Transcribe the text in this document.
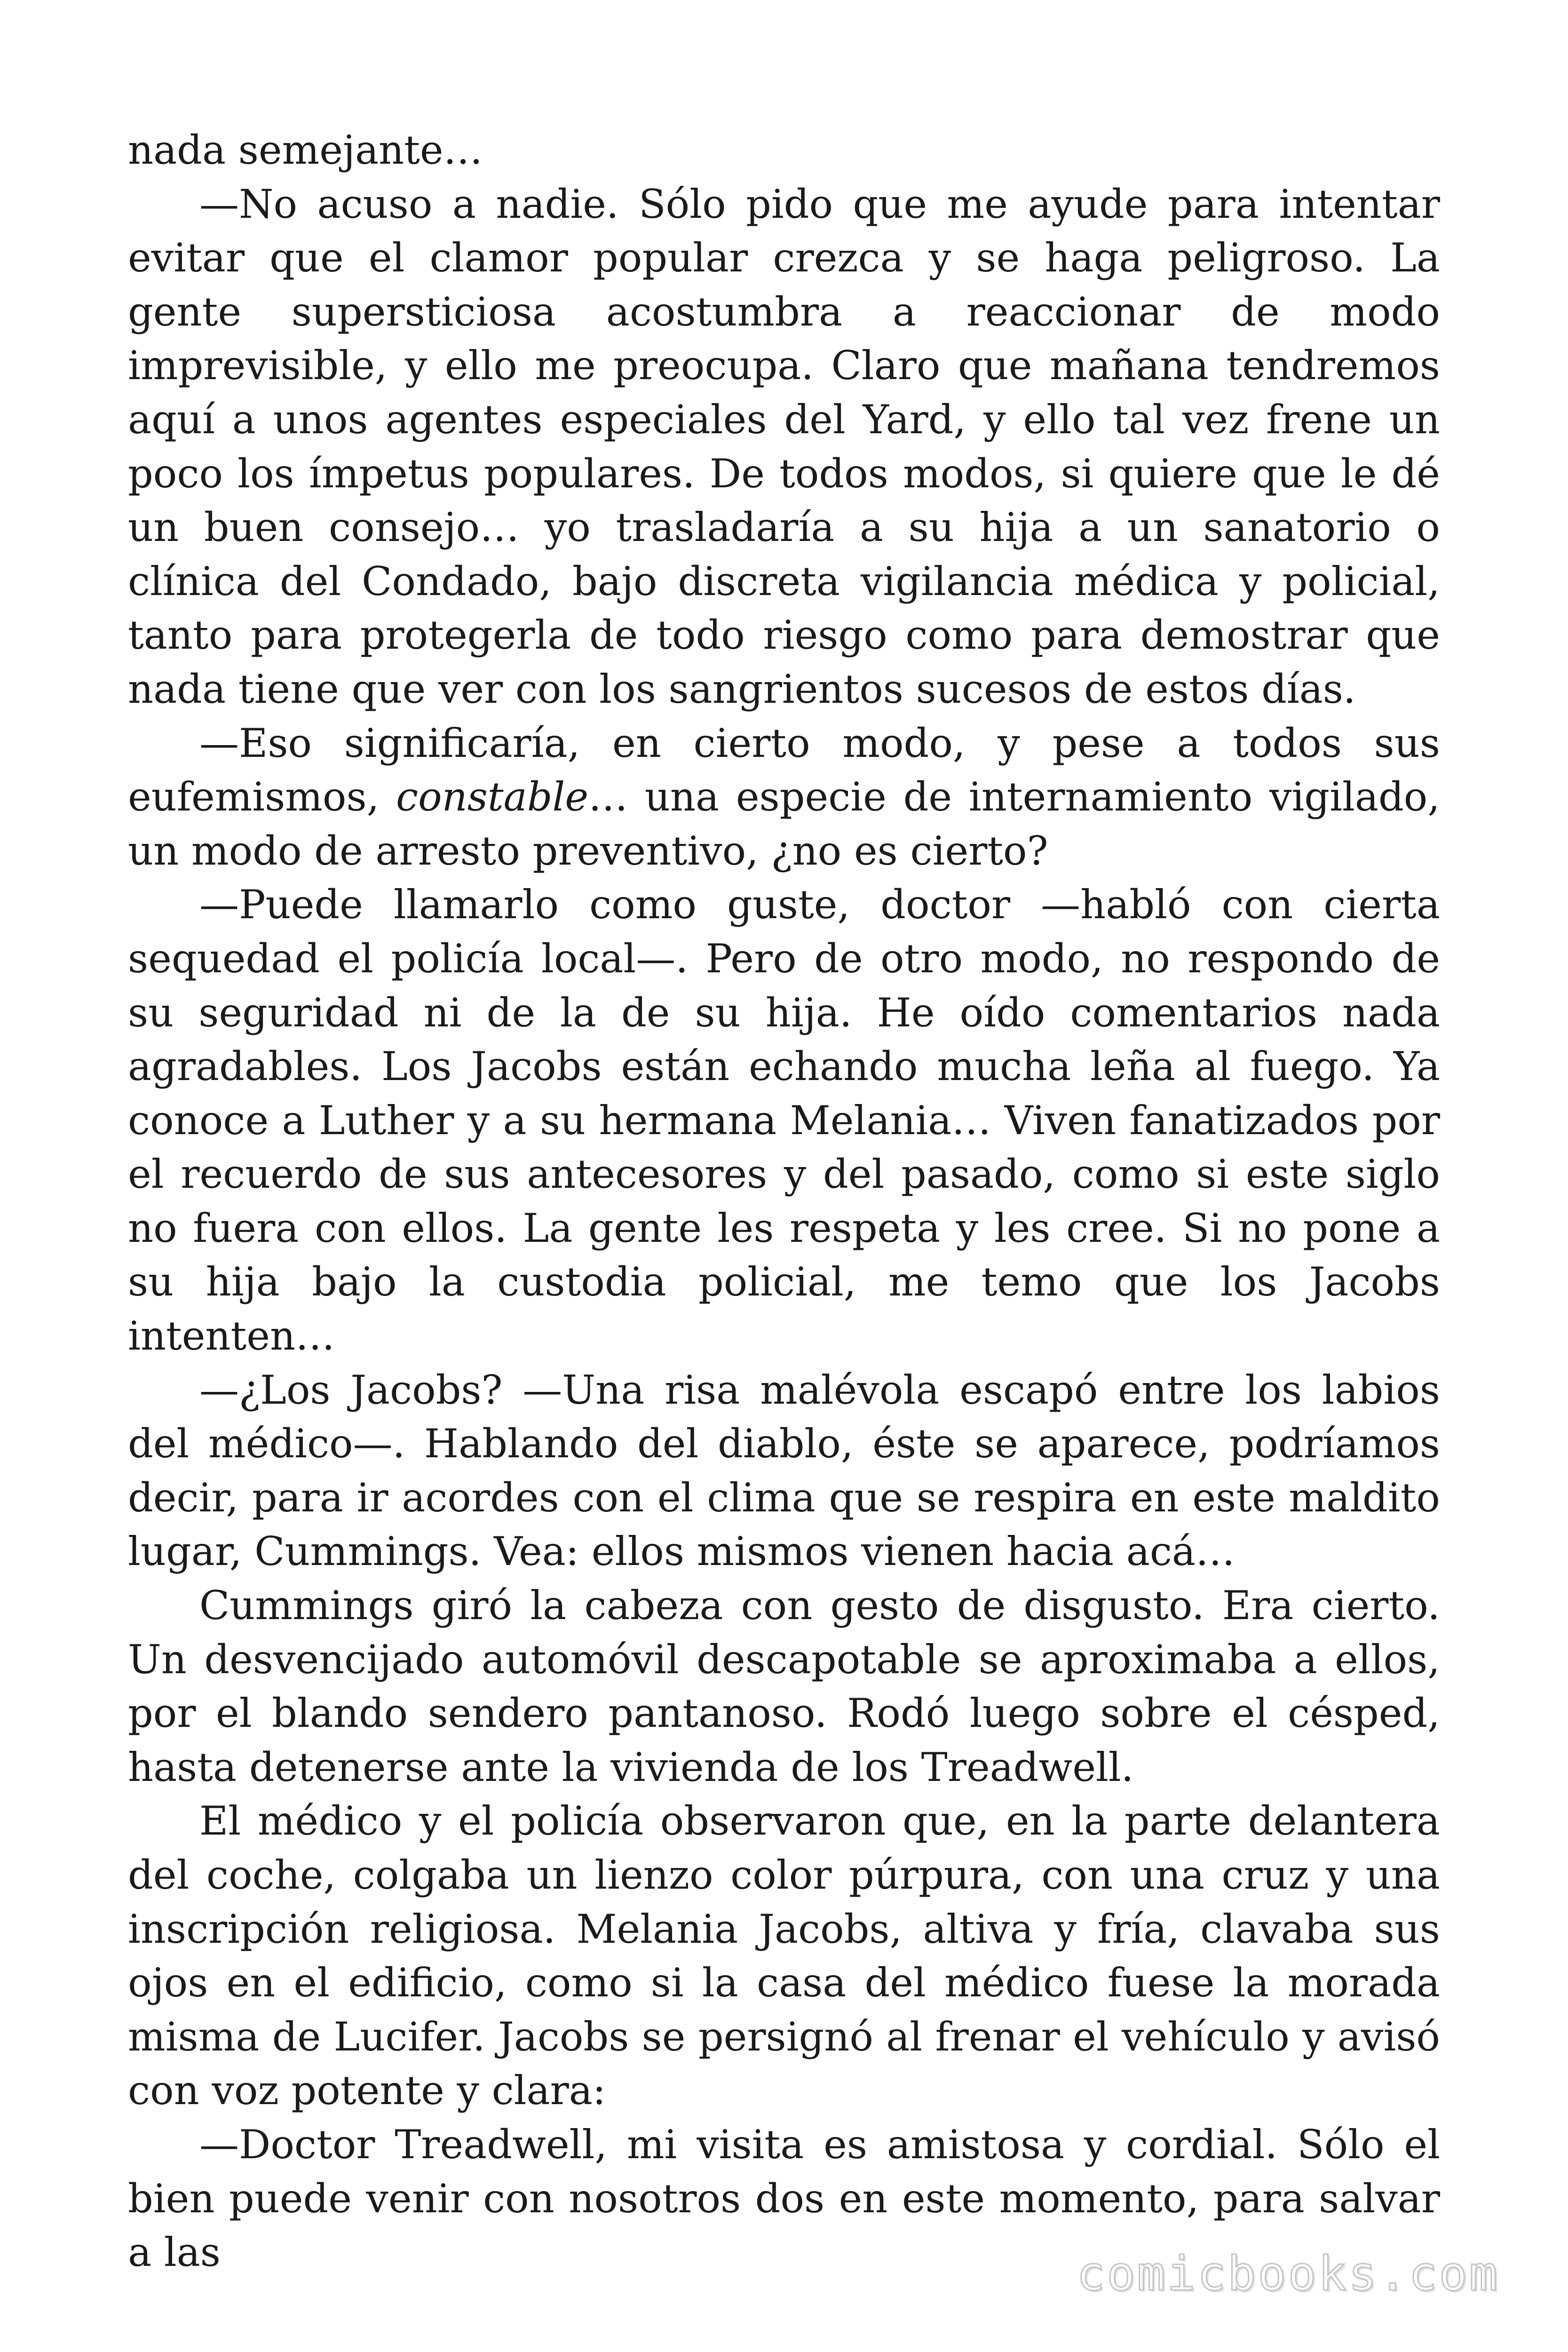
nada semejante…

—No acuso a nadie. Sólo pido que me ayude para intentar evitar que el clamor popular crezca y se haga peligroso. La gente supersticiosa acostumbra a reaccionar de modo imprevisible, y ello me preocupa. Claro que mañana tendremos aquí a unos agentes especiales del Yard, y ello tal vez frene un poco los ímpetus populares. De todos modos, si quiere que le dé un buen consejo… yo trasladaría a su hija a un sanatorio o clínica del Condado, bajo discreta vigilancia médica y policial, tanto para protegerla de todo riesgo como para demostrar que nada tiene que ver con los sangrientos sucesos de estos días.

—Eso significaría, en cierto modo, y pese a todos sus eufemismos, constable… una especie de internamiento vigilado, un modo de arresto preventivo, ¿no es cierto?

—Puede llamarlo como guste, doctor —habló con cierta sequedad el policía local—. Pero de otro modo, no respondo de su seguridad ni de la de su hija. He oído comentarios nada agradables. Los Jacobs están echando mucha leña al fuego. Ya conoce a Luther y a su hermana Melania… Viven fanatizados por el recuerdo de sus antecesores y del pasado, como si este siglo no fuera con ellos. La gente les respeta y les cree. Si no pone a su hija bajo la custodia policial, me temo que los Jacobs intenten…

—¿Los Jacobs? —Una risa malévola escapó entre los labios del médico—. Hablando del diablo, éste se aparece, podríamos decir, para ir acordes con el clima que se respira en este maldito lugar, Cummings. Vea: ellos mismos vienen hacia acá…

Cummings giró la cabeza con gesto de disgusto. Era cierto. Un desvencijado automóvil descapotable se aproximaba a ellos, por el blando sendero pantanoso. Rodó luego sobre el césped, hasta detenerse ante la vivienda de los Treadwell.

El médico y el policía observaron que, en la parte delantera del coche, colgaba un lienzo color púrpura, con una cruz y una inscripción religiosa. Melania Jacobs, altiva y fría, clavaba sus ojos en el edificio, como si la casa del médico fuese la morada misma de Lucifer. Jacobs se persignó al frenar el vehículo y avisó con voz potente y clara:

—Doctor Treadwell, mi visita es amistosa y cordial. Sólo el bien puede venir con nosotros dos en este momento, para salvar a las	comicbooks.com
